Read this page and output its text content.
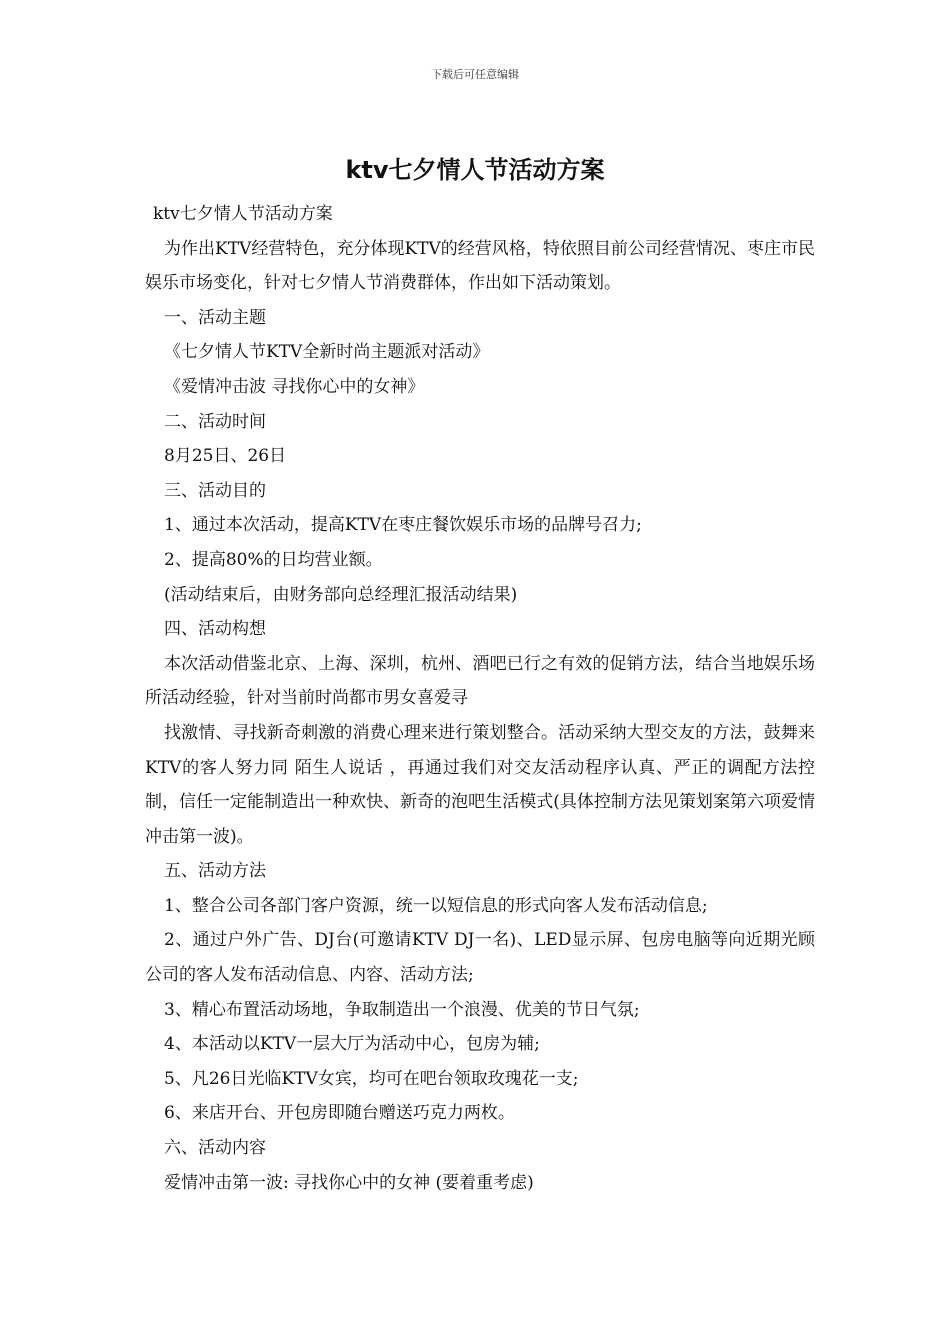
下载后可任意编辑
ktv七夕情人节活动方案

ktv七夕情人节活动方案

为作出KTV经营特色，充分体现KTV的经营风格，特依照目前公司经营情况、枣庄市民娱乐市场变化，针对七夕情人节消费群体，作出如下活动策划。

一、活动主题

《七夕情人节KTV全新时尚主题派对活动》

《爱情冲击波 寻找你心中的女神》

二、活动时间

8月25日、26日

三、活动目的

1、通过本次活动，提高KTV在枣庄餐饮娱乐市场的品牌号召力;

2、提高80%的日均营业额。

(活动结束后，由财务部向总经理汇报活动结果)

四、活动构想

本次活动借鉴北京、上海、深圳，杭州、酒吧已行之有效的促销方法，结合当地娱乐场所活动经验，针对当前时尚都市男女喜爱寻

找激情、寻找新奇刺激的消费心理来进行策划整合。活动采纳大型交友的方法，鼓舞来KTV的客人努力同 陌生人说话 ，再通过我们对交友活动程序认真、严正的调配方法控制，信任一定能制造出一种欢快、新奇的泡吧生活模式(具体控制方法见策划案第六项爱情冲击第一波)。

五、活动方法

1、整合公司各部门客户资源，统一以短信息的形式向客人发布活动信息;

2、通过户外广告、DJ台(可邀请KTV DJ一名)、LED显示屏、包房电脑等向近期光顾公司的客人发布活动信息、内容、活动方法;

3、精心布置活动场地，争取制造出一个浪漫、优美的节日气氛;

4、本活动以KTV一层大厅为活动中心，包房为辅;

5、凡26日光临KTV女宾，均可在吧台领取玫瑰花一支;

6、来店开台、开包房即随台赠送巧克力两枚。

六、活动内容

爱情冲击第一波: 寻找你心中的女神 (要着重考虑)
